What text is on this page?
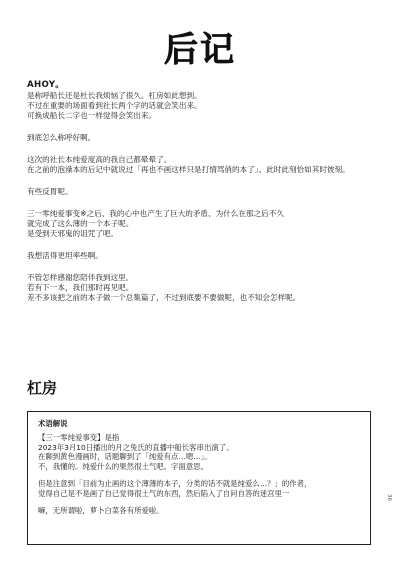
后记
AHOY。
是称呼船长还是杜长我烦恼了很久。杠房如此想到。
不过在重要的场面看到社长两个字的话就会笑出来。
可换成船长二字也一样觉得会笑出来。
到底怎么称呼好啊。
这次的社长本纯爱度高的我自己都晕晕了。
在之前的泡澡本的后记中就说过「再也不画这样只是打情骂俏的本了」、此时此刻恰如其时彼刻。
有些反胃呢。
三一零纯爱事变※之后、我的心中也产生了巨大的矛盾、为什么在那之后不久
就完成了这么薄的一个本子呢。
是受到天邪鬼的诅咒了吧。
我想活得更坦率些啊。
不管怎样感谢您陪伴我到这里。
若有下一本，我们那时再见吧。
差不多该把之前的本子做一个总集篇了，不过到底要不要做呢，也不知会怎样呢。
杠房
术语解说
【三一零纯爱事变】是指
2023年3月10日播出的月之兔氏的直播中船长客串出演了。
在聊到黄色漫画时，话题聊到了「纯爱有点…嗯…」。
不，我懂的。纯爱什么的果然很土气吧。字面意思。
但是注意到「目前为止画的这个薄薄的本子，分类的话不就是纯爱么…？」的作者，
觉得自己是不是画了自己觉得很土气的东西，然后陷入了自问自答的迷宫里一
嘛，无所谓啦，萝卜白菜各有所爱啦。
36
